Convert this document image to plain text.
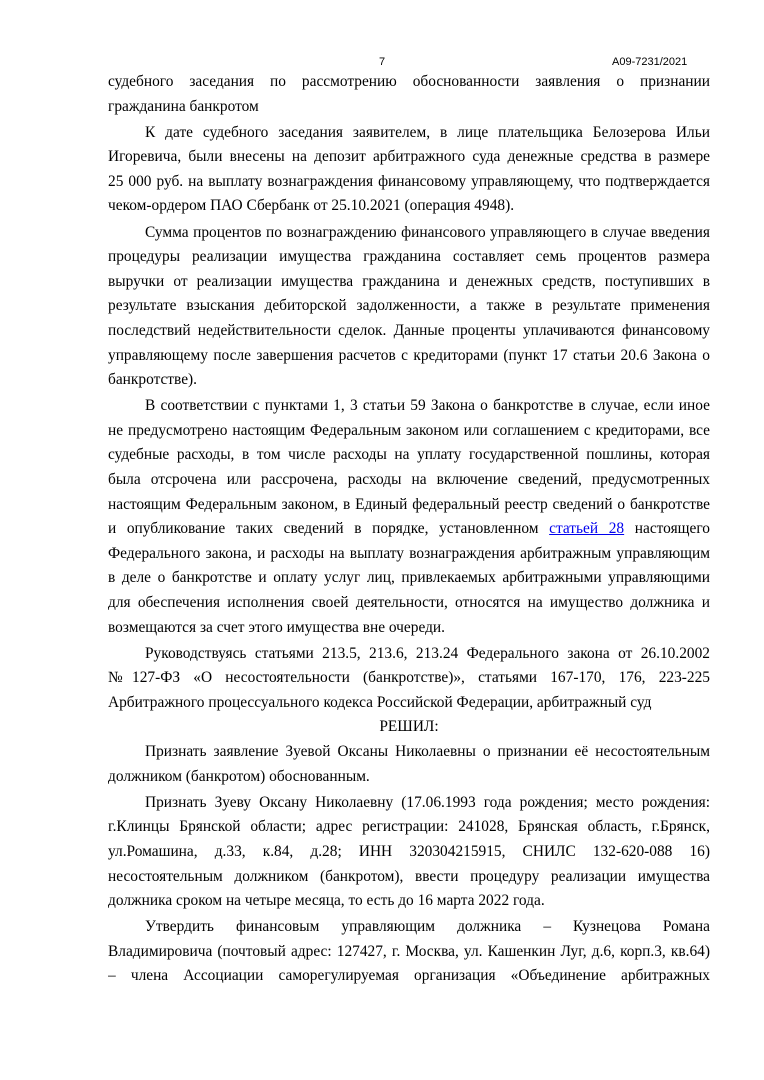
7	А09-7231/2021
судебного заседания по рассмотрению обоснованности заявления о признании
гражданина банкротом
К дате судебного заседания заявителем, в лице плательщика Белозерова Ильи
Игоревича, были внесены на депозит арбитражного суда денежные средства в размере
25 000 руб. на выплату вознаграждения финансовому управляющему, что подтверждается
чеком-ордером ПАО Сбербанк от 25.10.2021 (операция 4948).
Сумма процентов по вознаграждению финансового управляющего в случае введения
процедуры реализации имущества гражданина составляет семь процентов размера
выручки от реализации имущества гражданина и денежных средств, поступивших в
результате взыскания дебиторской задолженности, а также в результате применения
последствий недействительности сделок. Данные проценты уплачиваются финансовому
управляющему после завершения расчетов с кредиторами (пункт 17 статьи 20.6 Закона о
банкротстве).
В соответствии с пунктами 1, 3 статьи 59 Закона о банкротстве в случае, если иное
не предусмотрено настоящим Федеральным законом или соглашением с кредиторами, все
судебные расходы, в том числе расходы на уплату государственной пошлины, которая
была отсрочена или рассрочена, расходы на включение сведений, предусмотренных
настоящим Федеральным законом, в Единый федеральный реестр сведений о банкротстве
и опубликование таких сведений в порядке, установленном статьей 28 настоящего
Федерального закона, и расходы на выплату вознаграждения арбитражным управляющим
в деле о банкротстве и оплату услуг лиц, привлекаемых арбитражными управляющими
для обеспечения исполнения своей деятельности, относятся на имущество должника и
возмещаются за счет этого имущества вне очереди.
Руководствуясь статьями 213.5, 213.6, 213.24 Федерального закона от 26.10.2002
№127-ФЗ «О несостоятельности (банкротстве)», статьями 167-170, 176, 223-225
Арбитражного процессуального кодекса Российской Федерации, арбитражный суд
РЕШИЛ:
Признать заявление Зуевой Оксаны Николаевны о признании её несостоятельным
должником (банкротом) обоснованным.
Признать Зуеву Оксану Николаевну (17.06.1993 года рождения; место рождения:
г.Клинцы Брянской области; адрес регистрации: 241028, Брянская область, г.Брянск,
ул.Ромашина, д.33, к.84, д.28; ИНН 320304215915, СНИЛС 132-620-088 16)
несостоятельным должником (банкротом), ввести процедуру реализации имущества
должника сроком на четыре месяца, то есть до 16 марта 2022 года.
Утвердить финансовым управляющим должника – Кузнецова Романа
Владимировича (почтовый адрес: 127427, г. Москва, ул. Кашенкин Луг, д.6, корп.3, кв.64)
– члена Ассоциации саморегулируемая организация «Объединение арбитражных
